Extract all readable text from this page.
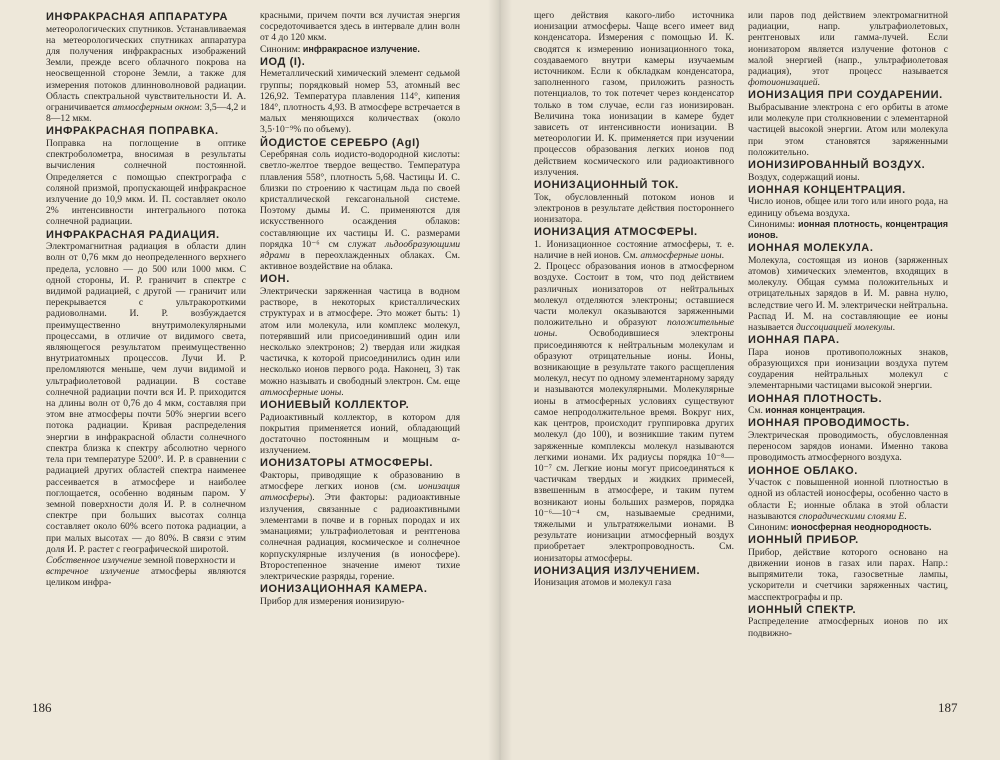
ИНФРАКРАСНАЯ АППАРАТУРА

метеорологических спутников. Устанавливаемая на метеорологических спутниках аппаратура для получения инфракрасных изображений Земли, прежде всего облачного покрова на неосвещенной стороне Земли, а также для измерения потоков длинноволновой радиации. Область спектральной чувствительности И. А. ограничивается атмосферным окном: 3,5—4,2 и 8—12 мкм.

ИНФРАКРАСНАЯ ПОПРАВКА.

Поправка на поглощение в оптике спектроболометра, вносимая в результаты вычисления солнечной постоянной. Определяется с помощью спектрографа с соляной призмой, пропускающей инфракрасное излучение до 10,9 мкм. И. П. составляет около 2% интенсивности интегрального потока солнечной радиации.

ИНФРАКРАСНАЯ РАДИАЦИЯ.

Электромагнитная радиация в области длин волн от 0,76 мкм до неопределенного верхнего предела, условно — до 500 или 1000 мкм. С одной стороны, И. Р. граничит в спектре с видимой радиацией, с другой — граничит или перекрывается с ультракороткими радиоволнами. И. Р. возбуждается преимущественно внутримолекулярными процессами, в отличие от видимого света, являющегося результатом преимущественно внутриатомных процессов. Лучи И. Р. преломляются меньше, чем лучи видимой и ультрафиолетовой радиации. В составе солнечной радиации почти вся И. Р. приходится на длины волн от 0,76 до 4 мкм, составляя при этом вне атмосферы почти 50% энергии всего потока радиации. Кривая распределения энергии в инфракрасной области солнечного спектра близка к спектру абсолютно черного тела при температуре 5200°. И. Р. в сравнении с радиацией других областей спектра наименее рассеивается в атмосфере и наиболее поглощается, особенно водяным паром. У земной поверхности доля И. Р. в солнечном спектре при больших высотах солнца составляет около 60% всего потока радиации, а при малых высотах — до 80%. В связи с этим доля И. Р. растет с географической широтой.

Собственное излучение земной поверхности и

встречное излучение атмосферы являются целиком инфра-

красными, причем почти вся лучистая энергия сосредоточивается здесь в интервале длин волн от 4 до 120 мкм.

Синоним: инфракрасное излучение.

ИОД (I).

Неметаллический химический элемент седьмой группы; порядковый номер 53, атомный вес 126,92. Температура плавления 114°, кипения 184°, плотность 4,93. В атмосфере встречается в малых меняющихся количествах (около 3,5·10⁻⁹% по объему).

ЙОДИСТОЕ СЕРЕБРО (AgI)

Серебряная соль иодисто-водородной кислоты: светло-желтое твердое вещество. Температура плавления 558°, плотность 5,68. Частицы И. С. близки по строению к частицам льда по своей кристаллической гексагональной системе. Поэтому дымы И. С. применяются для искусственного осаждения облаков: составляющие их частицы И. С. размерами порядка 10⁻⁶ см служат льдообразующими ядрами в переохлажденных облаках. См. активное воздействие на облака.

ИОН.

Электрически заряженная частица в водном растворе, в некоторых кристаллических структурах и в атмосфере. Это может быть: 1) атом или молекула, или комплекс молекул, потерявший или присоединивший один или несколько электронов; 2) твердая или жидкая частичка, к которой присоединились один или несколько ионов первого рода. Наконец, 3) так можно называть и свободный электрон. См. еще атмосферные ионы.

ИОНИЕВЫЙ КОЛЛЕКТОР.

Радиоактивный коллектор, в котором для покрытия применяется ионий, обладающий достаточно постоянным и мощным α-излучением.

ИОНИЗАТОРЫ АТМОСФЕРЫ.

Факторы, приводящие к образованию в атмосфере легких ионов (см. ионизация атмосферы). Эти факторы: радиоактивные излучения, связанные с радиоактивными элементами в почве и в горных породах и их эманациями; ультрафиолетовая и рентгенова солнечная радиация, космическое и солнечное корпускулярные излучения (в ионосфере). Второстепенное значение имеют тихие электрические разряды, горение.

ИОНИЗАЦИОННАЯ КАМЕРА.

Прибор для измерения ионизирую-

186

щего действия какого-либо источника ионизации атмосферы. Чаще всего имеет вид конденсатора. Измерения с помощью И. К. сводятся к измерению ионизационного тока, создаваемого внутри камеры изучаемым источником. Если к обкладкам конденсатора, заполненного газом, приложить разность потенциалов, то ток потечет через конденсатор только в том случае, если газ ионизирован. Величина тока ионизации в камере будет зависеть от интенсивности ионизации. В метеорологии И. К. применяется при изучении процессов образования легких ионов под действием космического или радиоактивного излучения.

ИОНИЗАЦИОННЫЙ ТОК.

Ток, обусловленный потоком ионов и электронов в результате действия постороннего ионизатора.

ИОНИЗАЦИЯ АТМОСФЕРЫ.

1. Ионизационное состояние атмосферы, т. е. наличие в ней ионов. См. атмосферные ионы.

2. Процесс образования ионов в атмосферном воздухе. Состоит в том, что под действием различных ионизаторов от нейтральных молекул отделяются электроны; оставшиеся части молекул оказываются заряженными положительно и образуют положительные ионы. Освободившиеся электроны присоединяются к нейтральным молекулам и образуют отрицательные ионы. Ионы, возникающие в результате такого расщепления молекул, несут по одному элементарному заряду и называются молекулярными. Молекулярные ионы в атмосферных условиях существуют самое непродолжительное время. Вокруг них, как центров, происходит группировка других молекул (до 100), и возникшие таким путем заряженные комплексы молекул называются легкими ионами. Их радиусы порядка 10⁻⁸—10⁻⁷ см. Легкие ионы могут присоединяться к частичкам твердых и жидких примесей, взвешенным в атмосфере, и таким путем возникают ионы больших размеров, порядка 10⁻⁶—10⁻⁴ см, называемые средними, тяжелыми и ультратяжелыми ионами. В результате ионизации атмосферный воздух приобретает электропроводность. См. ионизаторы атмосферы.

ИОНИЗАЦИЯ ИЗЛУЧЕНИЕМ.

Ионизация атомов и молекул газа

или паров под действием электромагнитной радиации, напр. ультрафиолетовых, рентгеновых или гамма-лучей. Если ионизатором является излучение фотонов с малой энергией (напр., ультрафиолетовая радиация), этот процесс называется фотоионизацией.

ИОНИЗАЦИЯ ПРИ СОУДАРЕНИИ.

Выбрасывание электрона с его орбиты в атоме или молекуле при столкновении с элементарной частицей высокой энергии. Атом или молекула при этом становятся заряженными положительно.

ИОНИЗИРОВАННЫЙ ВОЗДУХ.

Воздух, содержащий ионы.

ИОННАЯ КОНЦЕНТРАЦИЯ.

Число ионов, общее или того или иного рода, на единицу объема воздуха.

Синонимы: ионная плотность, концентрация ионов.

ИОННАЯ МОЛЕКУЛА.

Молекула, состоящая из ионов (заряженных атомов) химических элементов, входящих в молекулу. Общая сумма положительных и отрицательных зарядов в И. М. равна нулю, вследствие чего И. М. электрически нейтральна. Распад И. М. на составляющие ее ионы называется диссоциацией молекулы.

ИОННАЯ ПАРА.

Пара ионов противоположных знаков, образующихся при ионизации воздуха путем соударения нейтральных молекул с элементарными частицами высокой энергии.

ИОННАЯ ПЛОТНОСТЬ.

См. ионная концентрация.

ИОННАЯ ПРОВОДИМОСТЬ.

Электрическая проводимость, обусловленная переносом зарядов ионами. Именно такова проводимость атмосферного воздуха.

ИОННОЕ ОБЛАКО.

Участок с повышенной ионной плотностью в одной из областей ионосферы, особенно часто в области E; ионные облака в этой области называются спорадическими слоями E.

Синоним: ионосферная неоднородность.

ИОННЫЙ ПРИБОР.

Прибор, действие которого основано на движении ионов в газах или парах. Напр.: выпрямители тока, газосветные лампы, ускорители и счетчики заряженных частиц, масспектрографы и пр.

ИОННЫЙ СПЕКТР.

Распределение атмосферных ионов по их подвижно-

187
